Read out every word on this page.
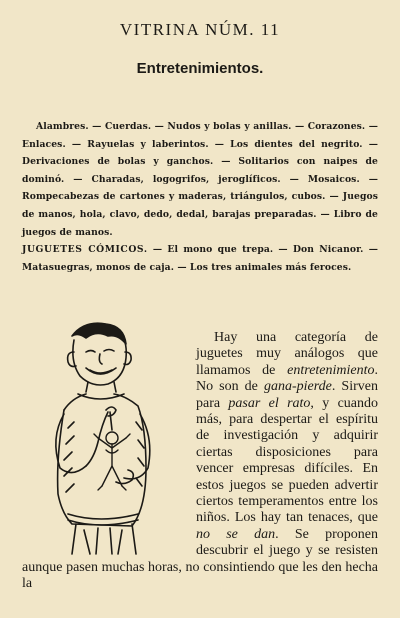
VITRINA NÚM. 11
Entretenimientos.

Alambres. — Cuerdas. — Nudos y bolas y anillas. — Corazones. — Enlaces. — Rayuelas y laberintos. — Los dientes del negrito. — Derivaciones de bolas y ganchos. — Solitarios con naipes de dominó. — Charadas, logogrifos, jeroglíficos. — Mosaicos. — Rompecabezas de cartones y maderas, triángulos, cubos. — Juegos de manos, hola, clavo, dedo, dedal, barajas preparadas. — Libro de juegos de manos.

JUGUETES CÓMICOS. — El mono que trepa. — Don Nicanor. — Matasuegras, monos de caja. — Los tres animales más feroces.

Hay una categoría de juguetes muy análogos que llamamos de entretenimiento. No son de gana-pierde. Sirven para pasar el rato, y cuando más, para despertar el espíritu de investigación y adquirir ciertas disposiciones para vencer empresas difíciles. En estos juegos se pueden advertir ciertos temperamentos entre los niños. Los hay tan tenaces, que no se dan. Se proponen descubrir el juego y se resisten aunque pasen muchas horas, no consintiendo que les den hecha la
